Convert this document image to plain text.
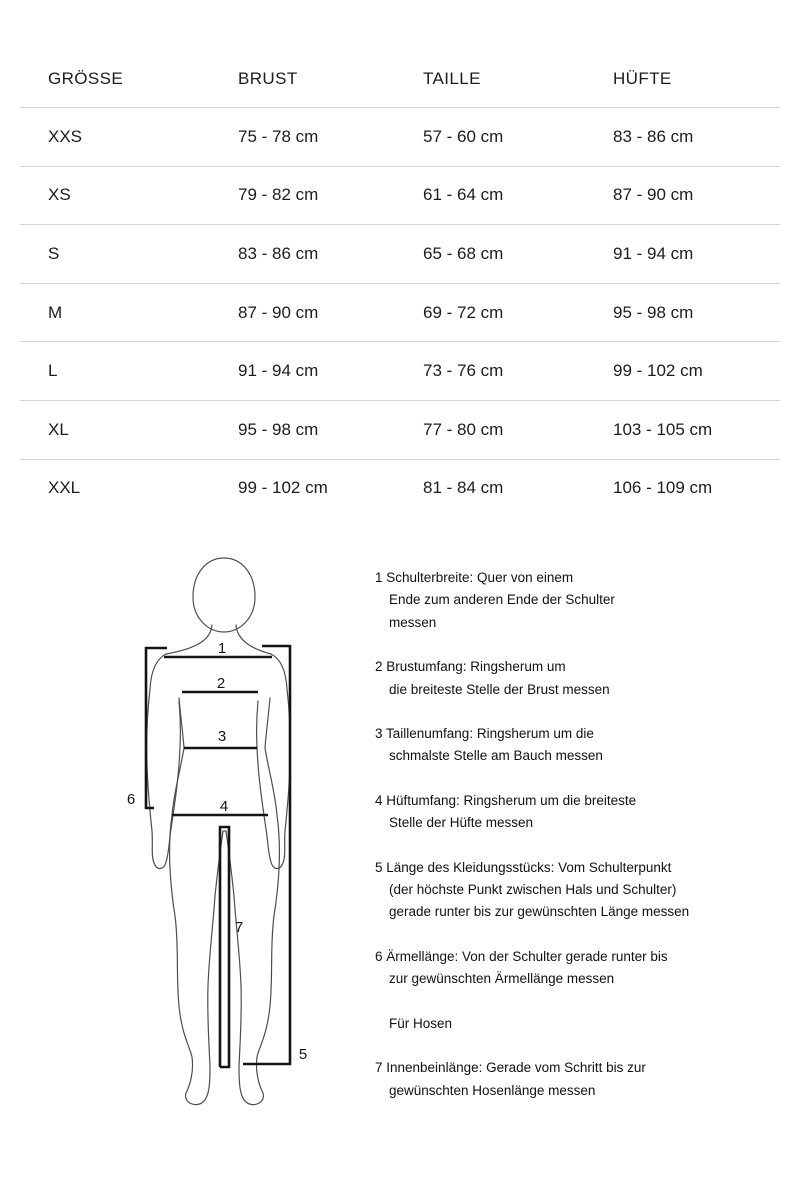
GRÖSSE	BRUST	TAILLE	HÜFTE
XXS	75 - 78 cm	57 - 60 cm	83 - 86 cm
XS	79 - 82 cm	61 - 64 cm	87 - 90 cm
S	83 - 86 cm	65 - 68 cm	91 - 94 cm
M	87 - 90 cm	69 - 72 cm	95 - 98 cm
L	91 - 94 cm	73 - 76 cm	99 - 102 cm
XL	95 - 98 cm	77 - 80 cm	103 - 105 cm
XXL	99 - 102 cm	81 - 84 cm	106 - 109 cm
1
2
3
4
5
6
7
1 Schulterbreite: Quer von einem
Ende zum anderen Ende der Schulter
messen
2 Brustumfang: Ringsherum um
die breiteste Stelle der Brust messen
3 Taillenumfang: Ringsherum um die
schmalste Stelle am Bauch messen
4 Hüftumfang: Ringsherum um die breiteste
Stelle der Hüfte messen
5 Länge des Kleidungsstücks: Vom Schulterpunkt
(der höchste Punkt zwischen Hals und Schulter)
gerade runter bis zur gewünschten Länge messen
6 Ärmellänge: Von der Schulter gerade runter bis
zur gewünschten Ärmellänge messen
Für Hosen
7 Innenbeinlänge: Gerade vom Schritt bis zur
gewünschten Hosenlänge messen
